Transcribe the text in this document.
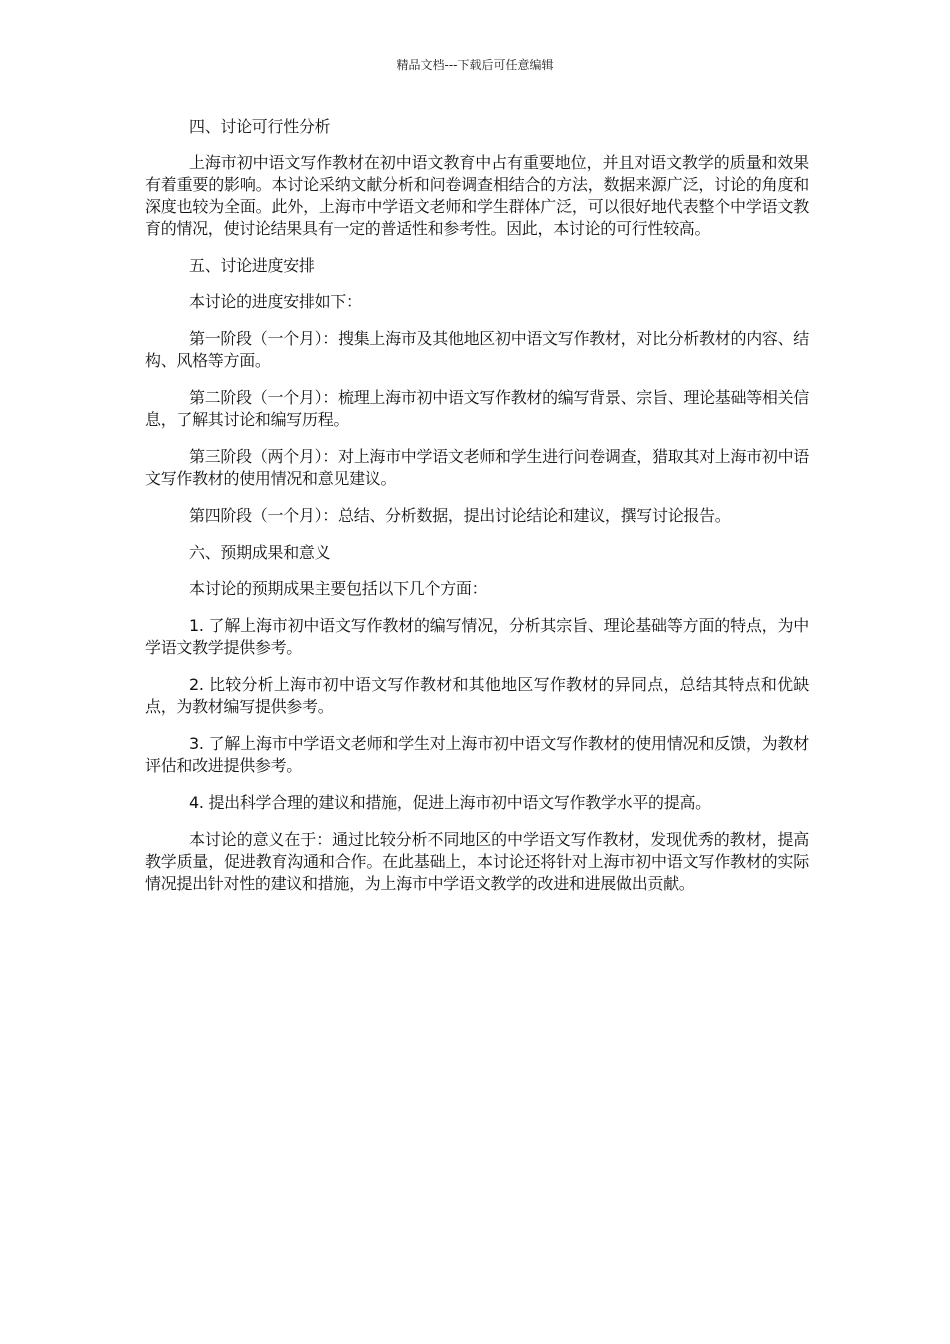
精品文档---下载后可任意编辑

四、讨论可行性分析

上海市初中语文写作教材在初中语文教育中占有重要地位，并且对语文教学的质量和效果有着重要的影响。本讨论采纳文献分析和问卷调查相结合的方法，数据来源广泛，讨论的角度和深度也较为全面。此外，上海市中学语文老师和学生群体广泛，可以很好地代表整个中学语文教育的情况，使讨论结果具有一定的普适性和参考性。因此，本讨论的可行性较高。

五、讨论进度安排

本讨论的进度安排如下：

第一阶段（一个月）：搜集上海市及其他地区初中语文写作教材，对比分析教材的内容、结构、风格等方面。

第二阶段（一个月）：梳理上海市初中语文写作教材的编写背景、宗旨、理论基础等相关信息，了解其讨论和编写历程。

第三阶段（两个月）：对上海市中学语文老师和学生进行问卷调查，猎取其对上海市初中语文写作教材的使用情况和意见建议。

第四阶段（一个月）：总结、分析数据，提出讨论结论和建议，撰写讨论报告。

六、预期成果和意义

本讨论的预期成果主要包括以下几个方面：

1. 了解上海市初中语文写作教材的编写情况，分析其宗旨、理论基础等方面的特点，为中学语文教学提供参考。

2. 比较分析上海市初中语文写作教材和其他地区写作教材的异同点，总结其特点和优缺点，为教材编写提供参考。

3. 了解上海市中学语文老师和学生对上海市初中语文写作教材的使用情况和反馈，为教材评估和改进提供参考。

4. 提出科学合理的建议和措施，促进上海市初中语文写作教学水平的提高。

本讨论的意义在于：通过比较分析不同地区的中学语文写作教材，发现优秀的教材，提高教学质量，促进教育沟通和合作。在此基础上，本讨论还将针对上海市初中语文写作教材的实际情况提出针对性的建议和措施，为上海市中学语文教学的改进和进展做出贡献。
